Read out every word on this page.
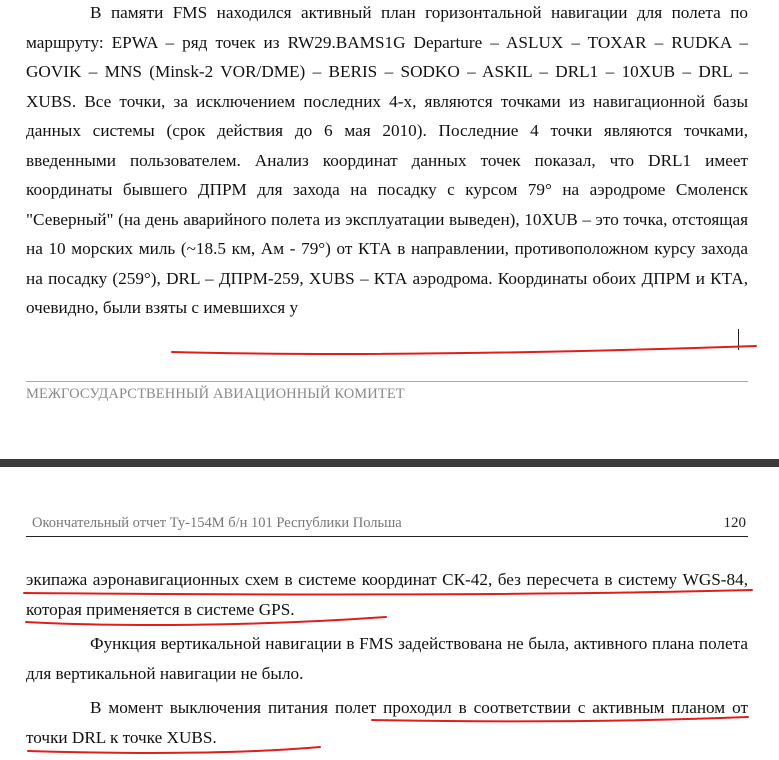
В памяти FMS находился активный план горизонтальной навигации для полета по маршруту: EPWA – ряд точек из RW29.BAMS1G Departure – ASLUX – TOXAR – RUDKA – GOVIK – MNS (Minsk-2 VOR/DME) – BERIS – SODKO – ASKIL – DRL1 – 10XUB – DRL – XUBS. Все точки, за исключением последних 4-х, являются точками из навигационной базы данных системы (срок действия до 6 мая 2010). Последние 4 точки являются точками, введенными пользователем. Анализ координат данных точек показал, что DRL1 имеет координаты бывшего ДПРМ для захода на посадку с курсом 79° на аэродроме Смоленск "Северный" (на день аварийного полета из эксплуатации выведен), 10XUB – это точка, отстоящая на 10 морских миль (~18.5 км, Ам - 79°) от КТА в направлении, противоположном курсу захода на посадку (259°), DRL – ДПРМ-259, XUBS – КТА аэродрома. Координаты обоих ДПРМ и КТА, очевидно, были взяты с имевшихся у

МЕЖГОСУДАРСТВЕННЫЙ АВИАЦИОННЫЙ КОМИТЕТ
Окончательный отчет Ту-154М б/н 101 Республики Польша	120

экипажа аэронавигационных схем в системе координат СК-42, без пересчета в систему WGS-84, которая применяется в системе GPS.

Функция вертикальной навигации в FMS задействована не была, активного плана полета для вертикальной навигации не было.

В момент выключения питания полет проходил в соответствии с активным планом от точки DRL к точке XUBS.
